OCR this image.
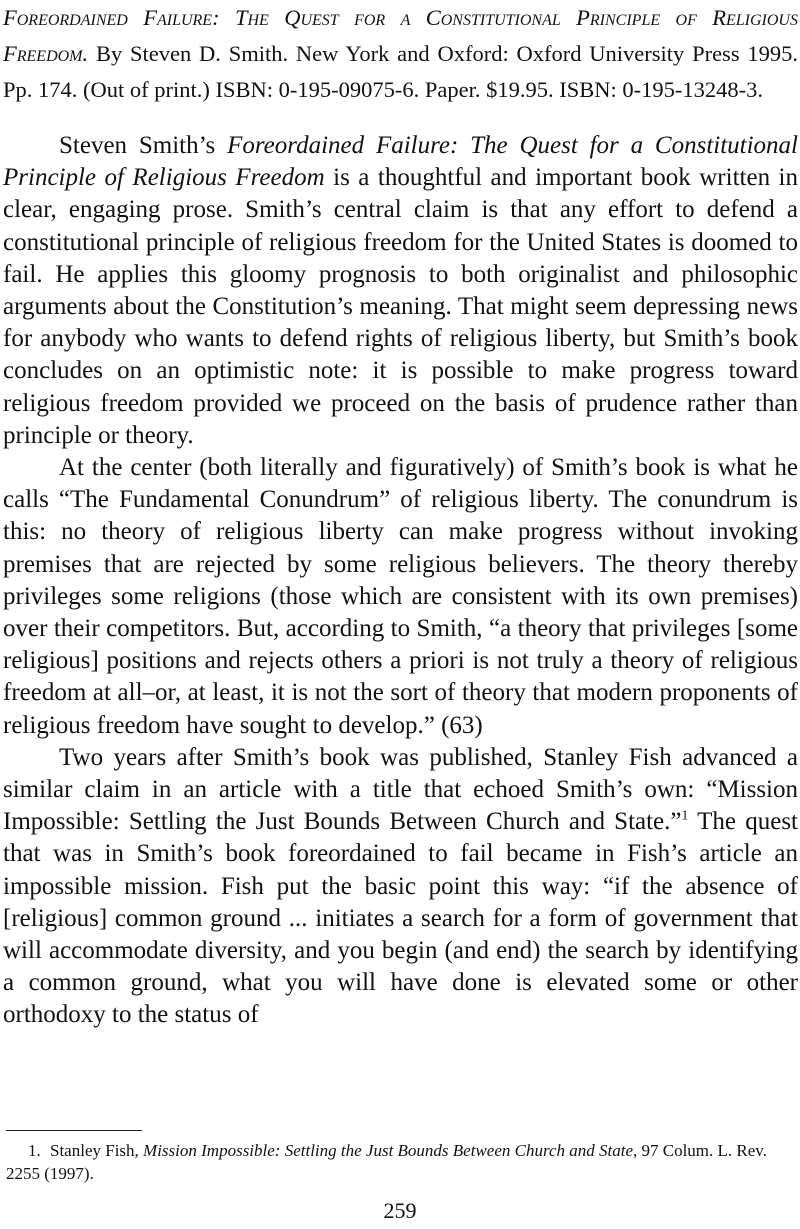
Foreordained Failure: The Quest for a Constitutional Principle of Religious Freedom. By Steven D. Smith. New York and Oxford: Oxford University Press 1995. Pp. 174. (Out of print.) ISBN: 0-195-09075-6. Paper. $19.95. ISBN: 0-195-13248-3.

Steven Smith’s Foreordained Failure: The Quest for a Constitutional Principle of Religious Freedom is a thoughtful and important book written in clear, engaging prose. Smith’s central claim is that any effort to defend a constitutional principle of religious freedom for the United States is doomed to fail. He applies this gloomy prognosis to both originalist and philosophic arguments about the Constitution’s meaning. That might seem depressing news for anybody who wants to defend rights of religious liberty, but Smith’s book concludes on an optimistic note: it is possible to make progress toward religious freedom provided we proceed on the basis of prudence rather than principle or theory.

At the center (both literally and figuratively) of Smith’s book is what he calls “The Fundamental Conundrum” of religious liberty. The conundrum is this: no theory of religious liberty can make progress without invoking premises that are rejected by some religious believers. The theory thereby privileges some religions (those which are consistent with its own premises) over their competitors. But, according to Smith, “a theory that privileges [some religious] positions and rejects others a priori is not truly a theory of religious freedom at all–or, at least, it is not the sort of theory that modern proponents of religious freedom have sought to develop.” (63)

Two years after Smith’s book was published, Stanley Fish advanced a similar claim in an article with a title that echoed Smith’s own: “Mission Impossible: Settling the Just Bounds Between Church and State.”$^1$ The quest that was in Smith’s book foreordained to fail became in Fish’s article an impossible mission. Fish put the basic point this way: “if the absence of [religious] common ground ... initiates a search for a form of government that will accommodate diversity, and you begin (and end) the search by identifying a common ground, what you will have done is elevated some or other orthodoxy to the status of

1. Stanley Fish, Mission Impossible: Settling the Just Bounds Between Church and State, 97 Colum. L. Rev. 2255 (1997).

259
